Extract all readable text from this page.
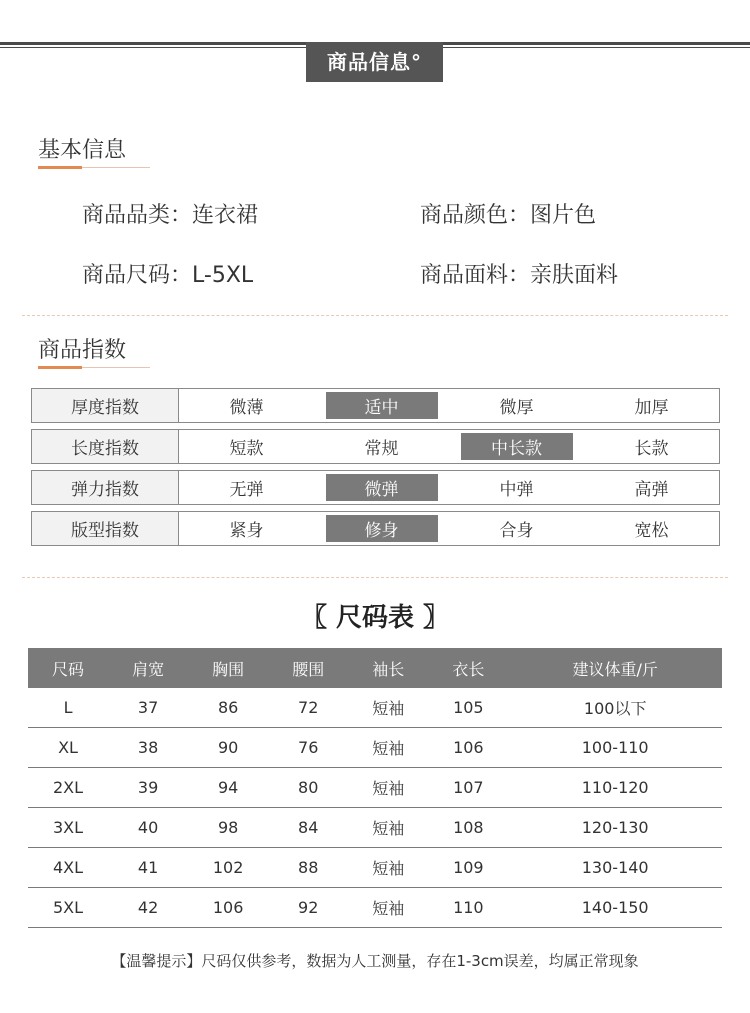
商品信息°
基本信息
商品品类：连衣裙	商品颜色：图片色
商品尺码：L-5XL	商品面料：亲肤面料
商品指数
厚度指数	微薄	适中	微厚	加厚
长度指数	短款	常规	中长款	长款
弹力指数	无弹	微弹	中弹	高弹
版型指数	紧身	修身	合身	宽松
〖 尺码表 〗
尺码	肩宽	胸围	腰围	袖长	衣长	建议体重/斤
L	37	86	72	短袖	105	100以下
XL	38	90	76	短袖	106	100-110
2XL	39	94	80	短袖	107	110-120
3XL	40	98	84	短袖	108	120-130
4XL	41	102	88	短袖	109	130-140
5XL	42	106	92	短袖	110	140-150
【温馨提示】尺码仅供参考，数据为人工测量，存在1-3cm误差，均属正常现象
